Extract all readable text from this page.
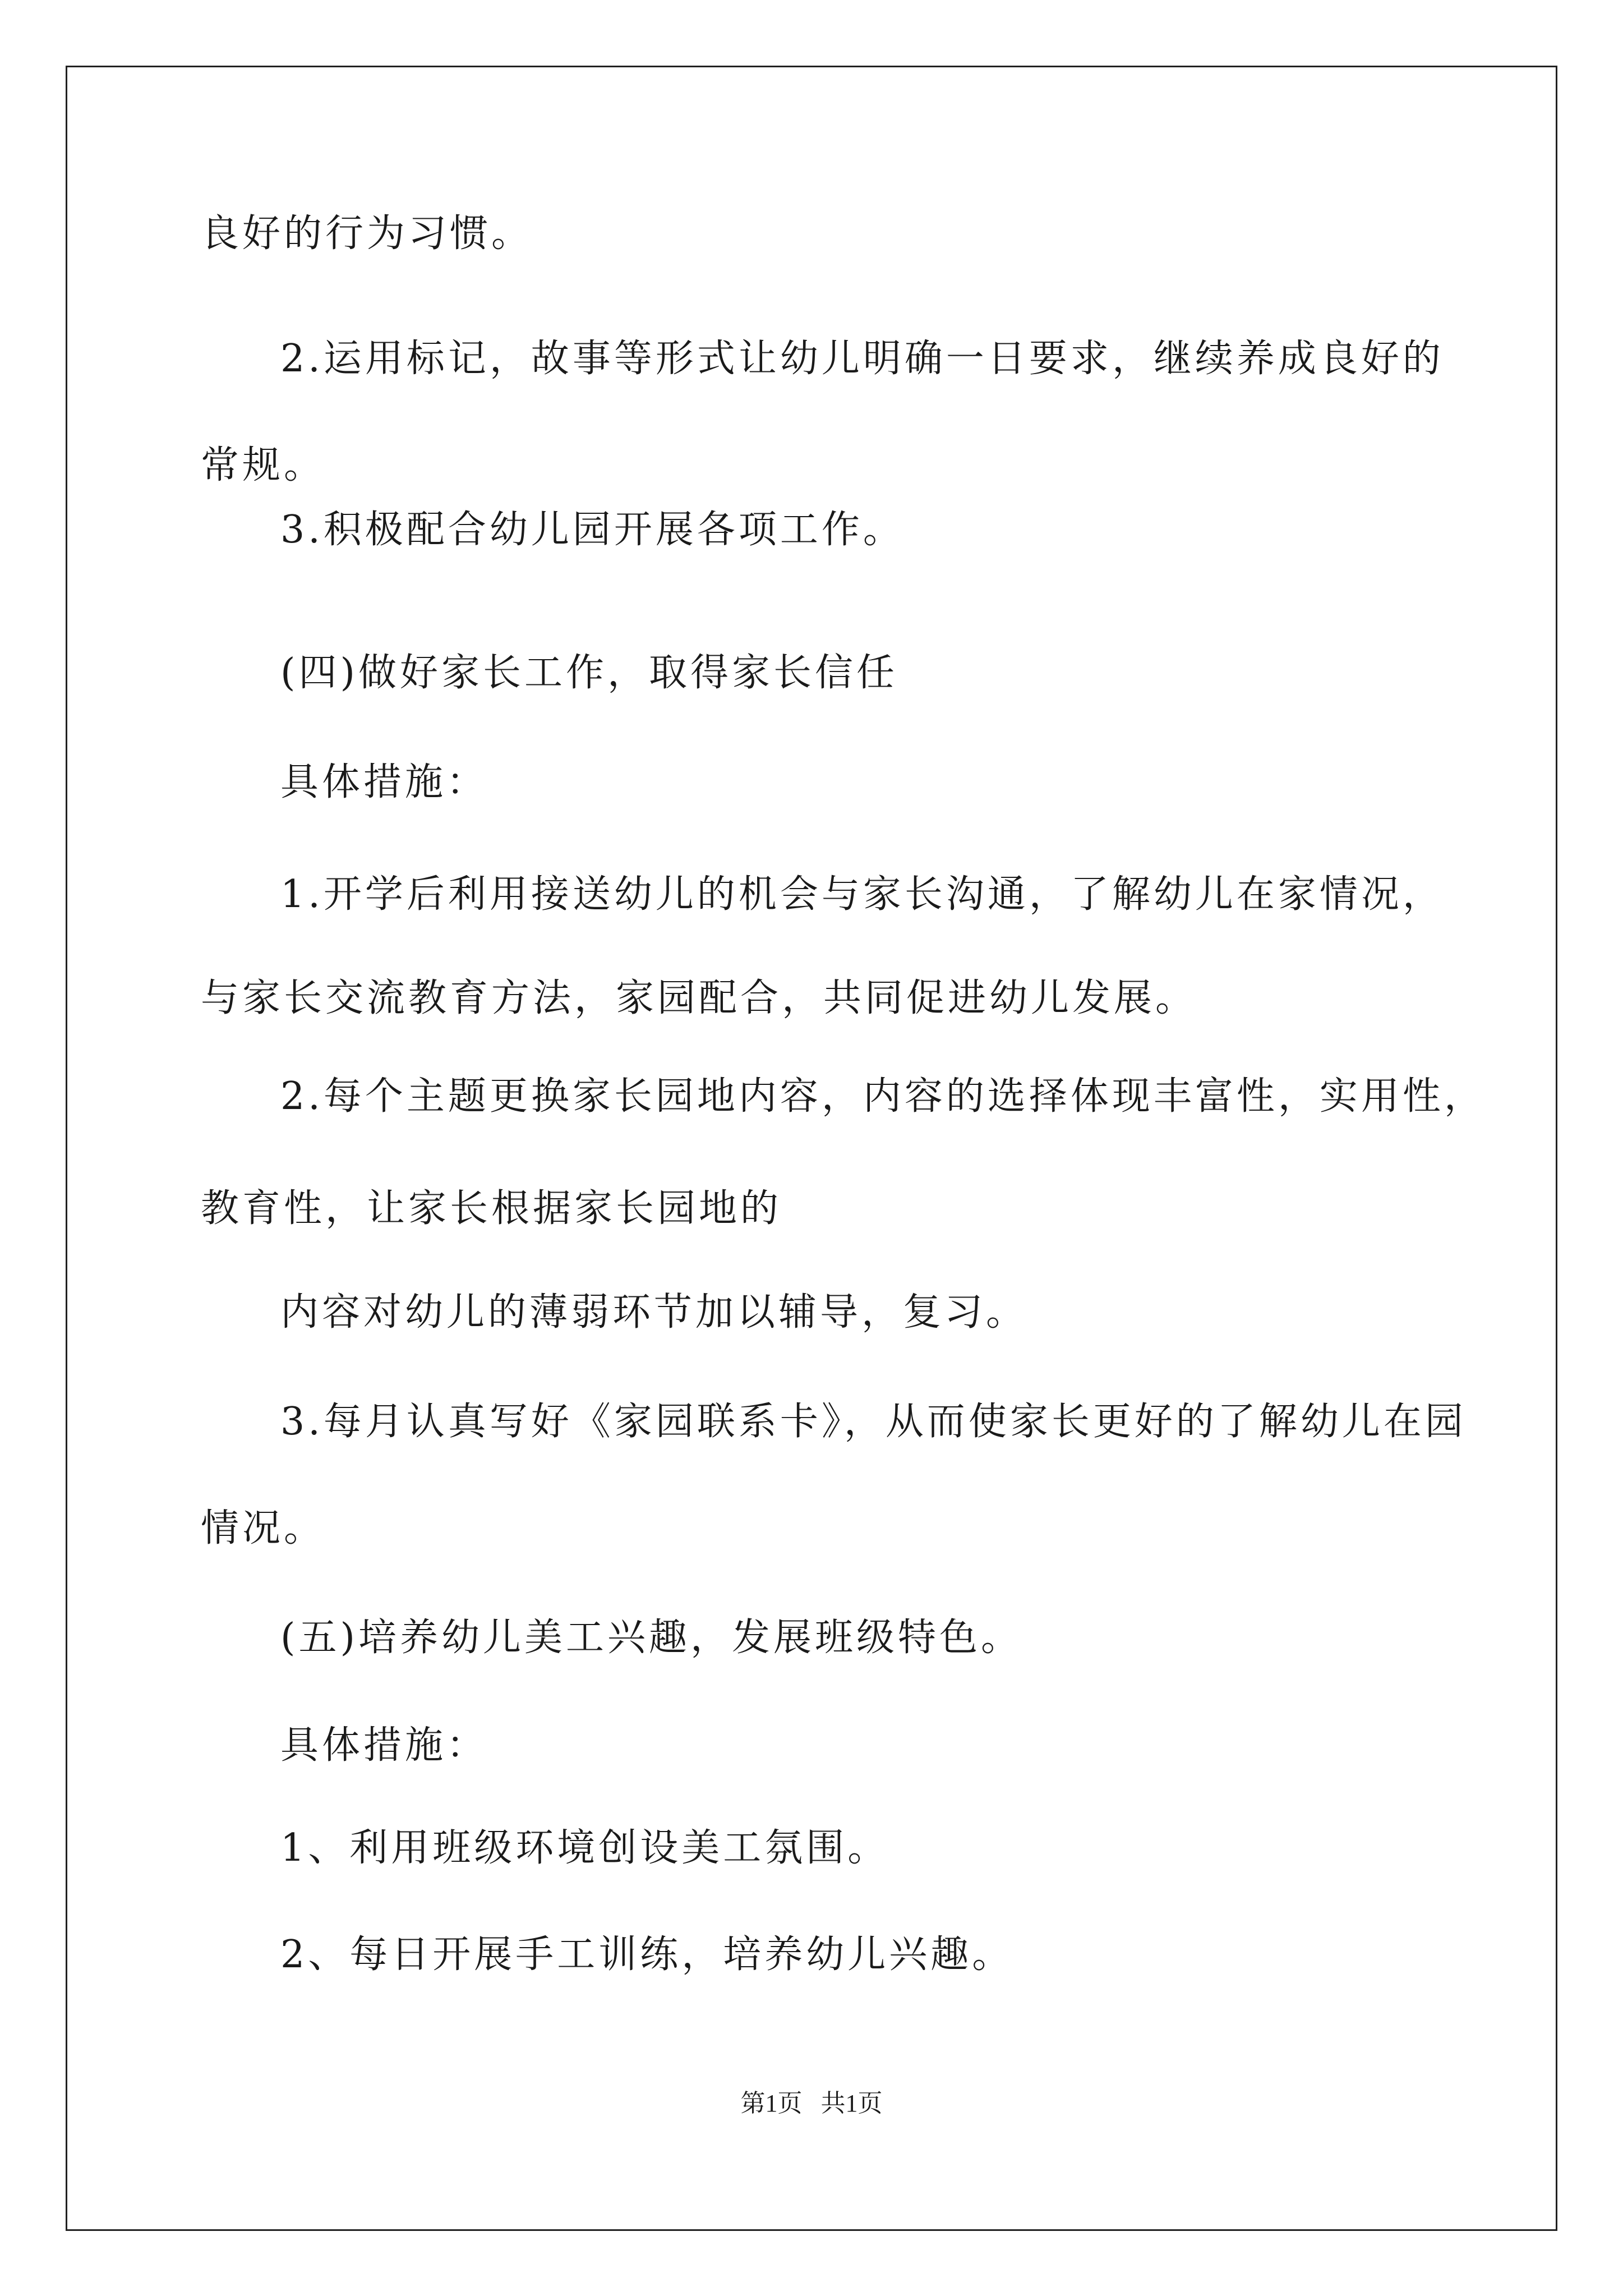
良好的行为习惯。
2.运用标记，故事等形式让幼儿明确一日要求，继续养成良好的
常规。
3.积极配合幼儿园开展各项工作。
(四)做好家长工作，取得家长信任
具体措施：
1.开学后利用接送幼儿的机会与家长沟通，了解幼儿在家情况，
与家长交流教育方法，家园配合，共同促进幼儿发展。
2.每个主题更换家长园地内容，内容的选择体现丰富性，实用性，
教育性，让家长根据家长园地的
内容对幼儿的薄弱环节加以辅导，复习。
3.每月认真写好《家园联系卡》，从而使家长更好的了解幼儿在园
情况。
(五)培养幼儿美工兴趣，发展班级特色。
具体措施：
1、利用班级环境创设美工氛围。
2、每日开展手工训练，培养幼儿兴趣。
第1页   共1页
